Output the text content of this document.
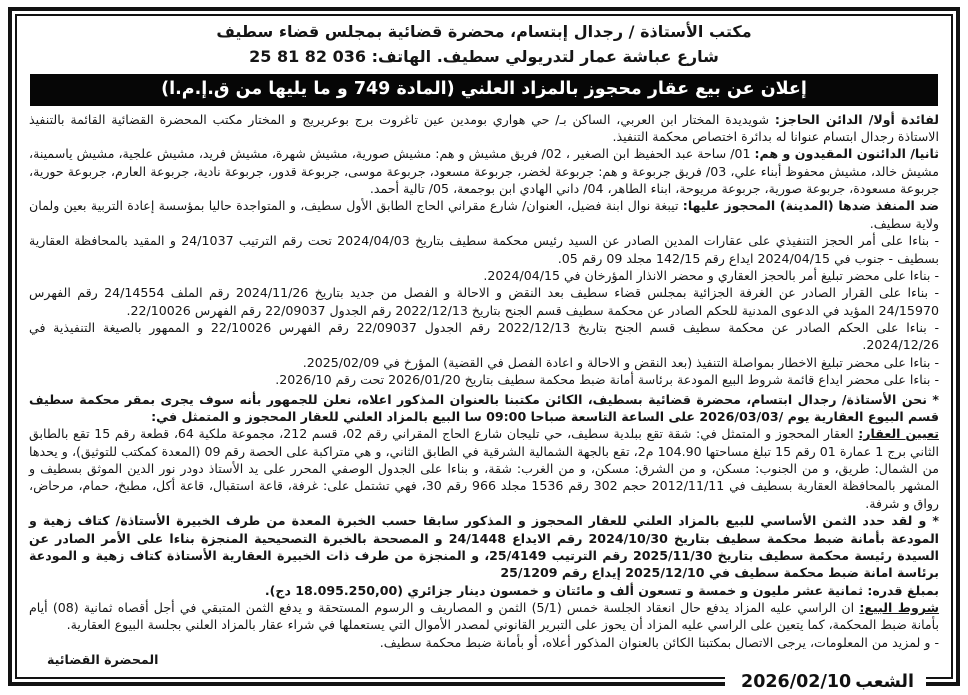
مكتب الأستاذة / رجدال إبتسام، محضرة قضائية بمجلس قضاء سطيف
شارع عباشة عمار لتدريولي سطيف. الهاتف: 036 82 81 25
إعلان عن بيع عقار محجوز بالمزاد العلني (المادة 749 و ما يليها من ق.إ.م.ا)

لفائدة أولا/ الدائن الحاجز: شويديدة المختار ابن العربي، الساكن بـ/ حي هواري بومدين عين تاغروت برج بوعريريج و المختار مكتب المحضرة القضائية القائمة بالتنفيذ الاستاذة رجدال ابتسام عنوانا له بدائرة اختصاص محكمة التنفيذ.

ثانيا/ الدائنون المقيدون و هم: 01/ ساحة عبد الحفيظ ابن الصغير ، 02/ فريق مشيش و هم: مشيش صورية، مشيش شهرة، مشيش فريد، مشيش علجية، مشيش ياسمينة، مشيش خالد، مشيش محفوظ أبناء علي، 03/ فريق جربوعة و هم: جربوعة لخضر، جربوعة مسعود، جربوعة موسى، جربوعة قدور، جربوعة نادية، جربوعة العارم، جربوعة حورية، جربوعة مسعودة، جربوعة صورية، جربوعة مريوحة، ابناء الطاهر، 04/ داني الهادي ابن بوجمعة، 05/ تالية أحمد.

ضد المنفذ ضدها (المدينة) المحجوز عليها: تيبغة نوال ابنة فضيل، العنوان/ شارع مقراني الحاج الطابق الأول سطيف، و المتواجدة حاليا بمؤسسة إعادة التربية بعين ولمان ولاية سطيف.

- بناءا على أمر الحجز التنفيذي على عقارات المدين الصادر عن السيد رئيس محكمة سطيف بتاريخ 2024/04/03 تحت رقم الترتيب 24/1037 و المقيد بالمحافظة العقارية بسطيف - جنوب في 2024/04/15 ايداع رقم 142/15 مجلد 09 رقم 05.

- بناءا على محضر تبليغ أمر بالحجز العقاري و محضر الانذار المؤرخان في 2024/04/15.

- بناءا على القرار الصادر عن الغرفة الجزائية بمجلس قضاء سطيف بعد النقض و الاحالة و الفصل من جديد بتاريخ 2024/11/26 رقم الملف 24/14554 رقم الفهرس 24/15970 المؤيد في الدعوى المدنية للحكم الصادر عن محكمة سطيف قسم الجنح بتاريخ 2022/12/13 رقم الجدول 22/09037 رقم الفهرس 22/10026.

- بناءا على الحكم الصادر عن محكمة سطيف قسم الجنح بتاريخ 2022/12/13 رقم الجدول 22/09037 رقم الفهرس 22/10026 و الممهور بالصيغة التنفيذية في 2024/12/26.

- بناءا على محضر تبليغ الاخطار بمواصلة التنفيذ (بعد النقض و الاحالة و اعادة الفصل في القضية) المؤرخ في 2025/02/09.

- بناءا على محضر ايداع قائمة شروط البيع المودعة برئاسة أمانة ضبط محكمة سطيف بتاريخ 2026/01/20 تحت رقم 2026/10.

* نحن الأستاذة/ رجدال ابتسام، محضرة قضائية بسطيف، الكائن مكتبنا بالعنوان المذكور اعلاه، نعلن للجمهور بأنه سوف يجرى بمقر محكمة سطيف قسم البيوع العقارية يوم /2026/03/03 على الساعة التاسعة صباحا 09:00 سا البيع بالمزاد العلني للعقار المحجوز و المتمثل في:

تعيين العقار: العقار المحجوز و المتمثل في: شقة تقع ببلدية سطيف، حي تليجان شارع الحاج المقراني رقم 02، قسم 212، مجموعة ملكية 64، قطعة رقم 15 تقع بالطابق الثاني برج 1 عمارة 01 رقم 15 تبلغ مساحتها 104.90 م2، تقع بالجهة الشمالية الشرقية في الطابق الثاني، و هي متراكبة على الحصة رقم 09 (المعدة كمكتب للتوثيق)، و يحدها من الشمال: طريق، و من الجنوب: مسكن، و من الشرق: مسكن، و من الغرب: شقة، و بناءا على الجدول الوصفي المحرر على يد الأستاذ دودر نور الدين الموثق بسطيف و المشهر بالمحافظة العقارية بسطيف في 2012/11/11 حجم 302 رقم 1536 مجلد 966 رقم 30، فهي تشتمل على: غرفة، قاعة استقبال، قاعة أكل، مطبخ، حمام، مرحاض، رواق و شرفة.

* و لقد حدد الثمن الأساسي للبيع بالمزاد العلني للعقار المحجوز و المذكور سابقا حسب الخبرة المعدة من طرف الخبيرة الأستاذة/ كتاف زهية و المودعة بأمانة ضبط محكمة سطيف بتاريخ 2024/10/30 رقم الايداع 24/1448 و المصححة بالخبرة التصحيحية المنجزة بناءا على الأمر الصادر عن السيدة رئيسة محكمة سطيف بتاريخ 2025/11/30 رقم الترتيب 25/4149، و المنجزة من طرف ذات الخبيرة العقارية الأستاذة كتاف زهية و المودعة برئاسة امانة ضبط محكمة سطيف في 2025/12/10 إيداع رقم 25/1209

بمبلغ قدره: ثمانية عشر مليون و خمسة و تسعون ألف و مائتان و خمسون دينار جزائري (18.095.250,00 دج).

شروط البيع: ان الراسي عليه المزاد يدفع حال انعقاد الجلسة خمس (5/1) الثمن و المصاريف و الرسوم المستحقة و يدفع الثمن المتبقي في أجل أقصاه ثمانية (08) أيام بأمانة ضبط المحكمة، كما يتعين على الراسي عليه المزاد أن يحوز على التبرير القانوني لمصدر الأموال التي يستعملها في شراء عقار بالمزاد العلني بجلسة البيوع العقارية.

- و لمزيد من المعلومات، يرجى الاتصال بمكتبنا الكائن بالعنوان المذكور أعلاه، أو بأمانة ضبط محكمة سطيف.

المحضرة القضائية

الشعب2026/02/10
